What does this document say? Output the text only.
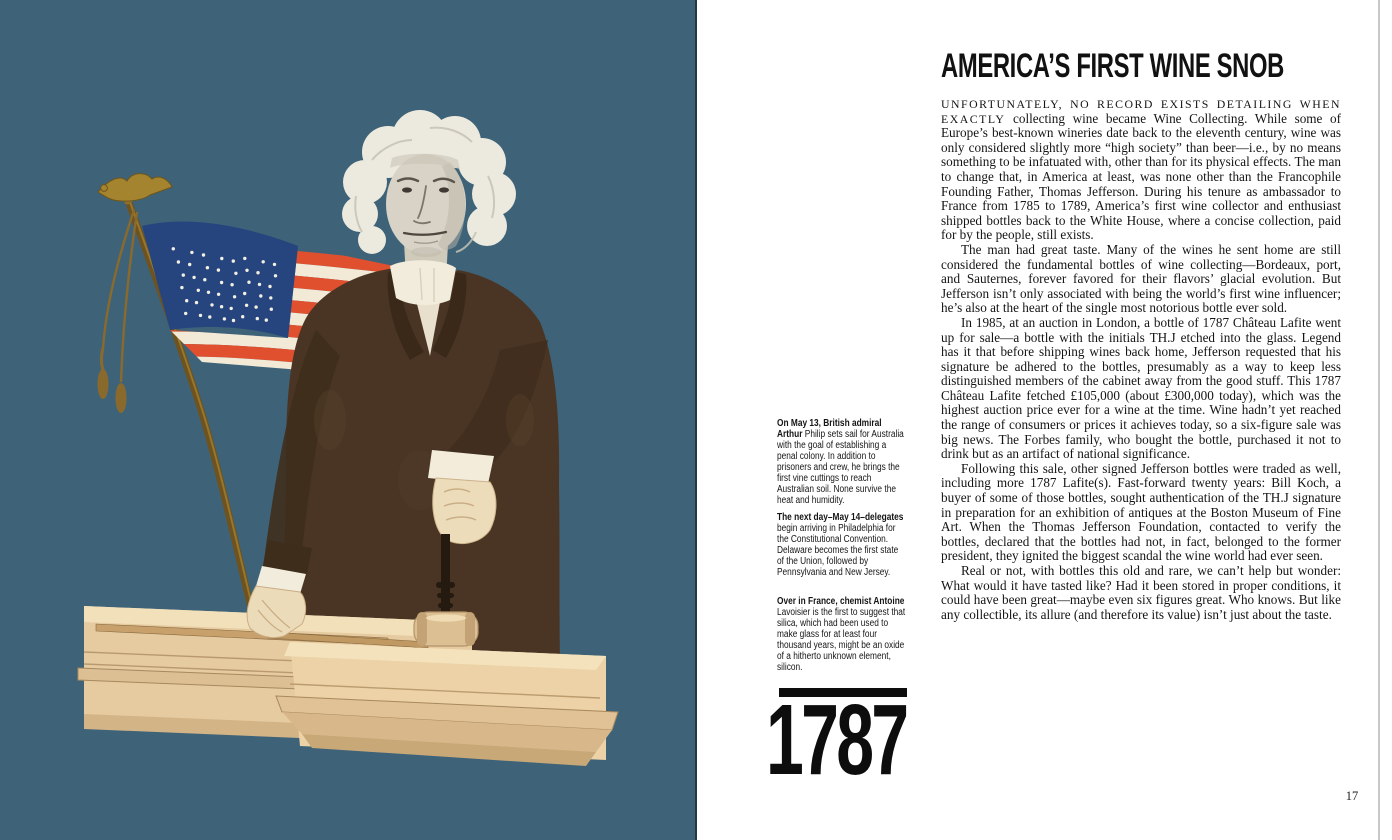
AMERICA’S FIRST WINE SNOB

UNFORTUNATELY, NO RECORD EXISTS DETAILING WHEN EXACTLY collecting wine became Wine Collecting. While some of Europe’s best-known wineries date back to the eleventh century, wine was only considered slightly more “high society” than beer—i.e., by no means something to be infatuated with, other than for its physical effects. The man to change that, in America at least, was none other than the Francophile Founding Father, Thomas Jefferson. During his tenure as ambassador to France from 1785 to 1789, America’s first wine collector and enthusiast shipped bottles back to the White House, where a concise collection, paid for by the people, still exists.

The man had great taste. Many of the wines he sent home are still considered the fundamental bottles of wine collecting—Bordeaux, port, and Sauternes, forever favored for their flavors’ glacial evolution. But Jefferson isn’t only associated with being the world’s first wine influencer; he’s also at the heart of the single most notorious bottle ever sold.

In 1985, at an auction in London, a bottle of 1787 Château Lafite went up for sale—a bottle with the initials TH.J etched into the glass. Legend has it that before shipping wines back home, Jefferson requested that his signature be adhered to the bottles, presumably as a way to keep less distinguished members of the cabinet away from the good stuff. This 1787 Château Lafite fetched £105,000 (about £300,000 today), which was the highest auction price ever for a wine at the time. Wine hadn’t yet reached the range of consumers or prices it achieves today, so a six-figure sale was big news. The Forbes family, who bought the bottle, purchased it not to drink but as an artifact of national significance.

Following this sale, other signed Jefferson bottles were traded as well, including more 1787 Lafite(s). Fast-forward twenty years: Bill Koch, a buyer of some of those bottles, sought authentication of the TH.J signature in preparation for an exhibition of antiques at the Boston Museum of Fine Art. When the Thomas Jefferson Foundation, contacted to verify the bottles, declared that the bottles had not, in fact, belonged to the former president, they ignited the biggest scandal the wine world had ever seen.

Real or not, with bottles this old and rare, we can’t help but wonder: What would it have tasted like? Had it been stored in proper conditions, it could have been great—maybe even six figures great. Who knows. But like any collectible, its allure (and therefore its value) isn’t just about the taste.

On May 13, British admiral Arthur Philip sets sail for Australia with the goal of establishing a penal colony. In addition to prisoners and crew, he brings the first vine cuttings to reach Australian soil. None survive the heat and humidity.

The next day–May 14–delegates begin arriving in Philadelphia for the Constitutional Convention. Delaware becomes the first state of the Union, followed by Pennsylvania and New Jersey.

Over in France, chemist Antoine Lavoisier is the first to suggest that silica, which had been used to make glass for at least four thousand years, might be an oxide of a hitherto unknown element, silicon.

1787	17
